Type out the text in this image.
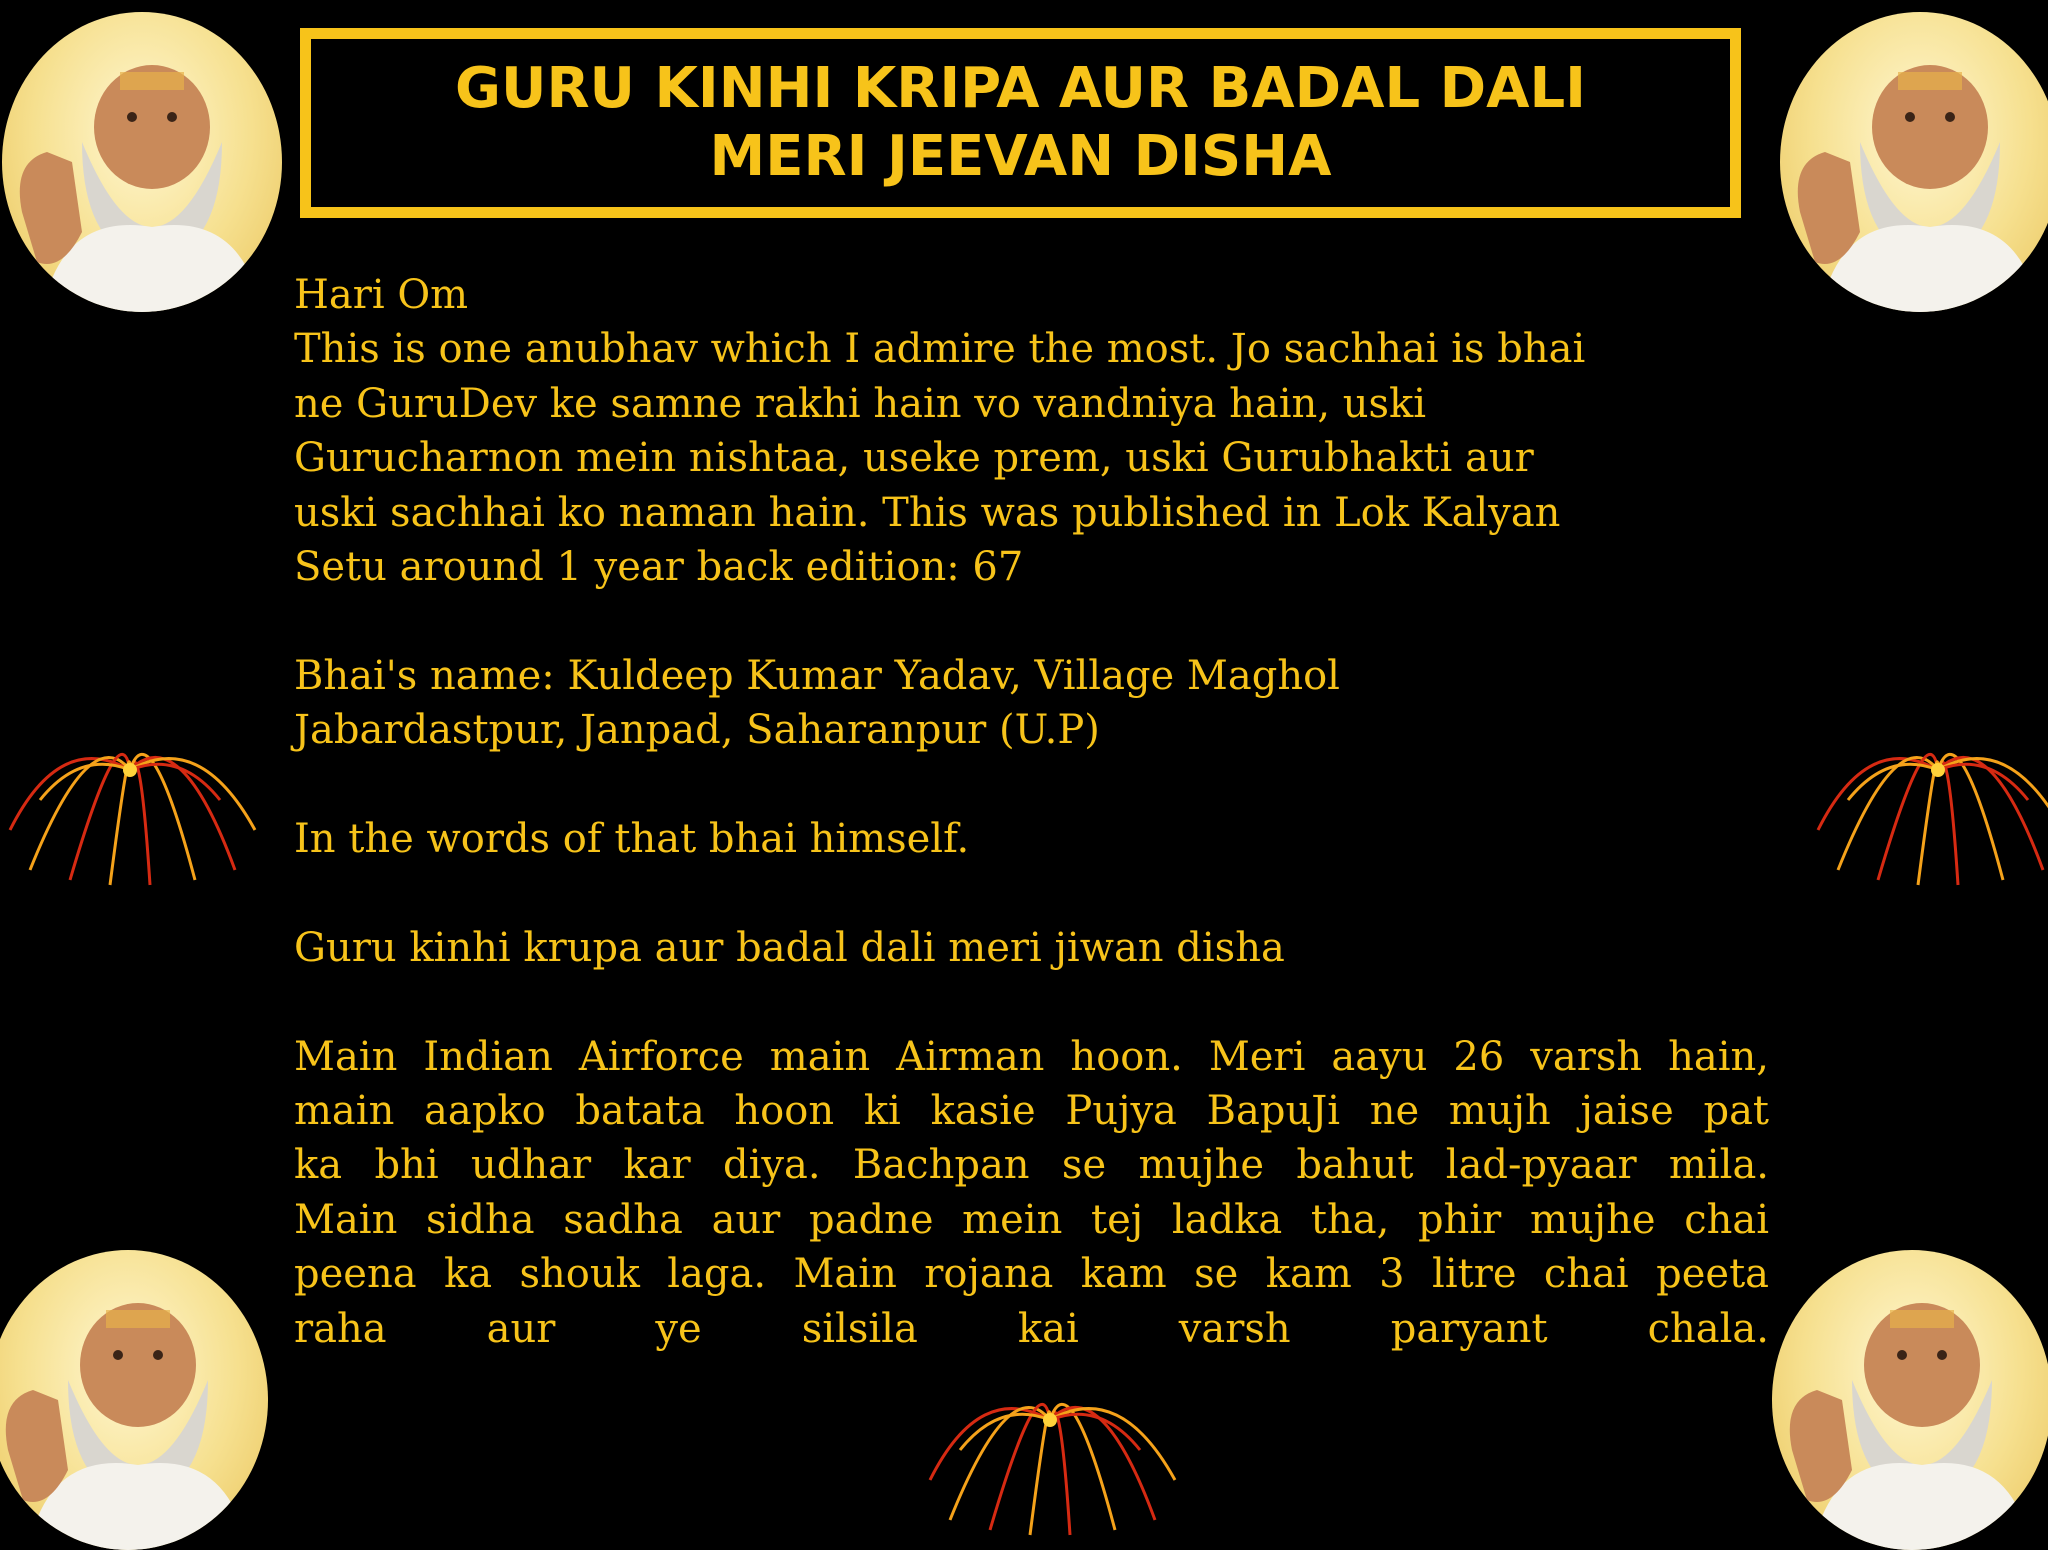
GURU KINHI KRIPA AUR BADAL DALI
MERI JEEVAN DISHA
Hari Om
This is one anubhav which I admire the most. Jo sachhai is bhai
ne GuruDev ke samne rakhi hain vo vandniya hain, uski
Gurucharnon mein nishtaa, useke prem, uski Gurubhakti aur
uski sachhai ko naman hain. This was published in Lok Kalyan
Setu around 1 year back edition: 67
Bhai's name: Kuldeep Kumar Yadav, Village Maghol
Jabardastpur, Janpad, Saharanpur (U.P)
In the words of that bhai himself.
Guru kinhi krupa aur badal dali meri jiwan disha

Main Indian Airforce main Airman hoon. Meri aayu 26 varsh hain,

main aapko batata hoon ki kasie Pujya BapuJi ne mujh jaise pat

ka bhi udhar kar diya. Bachpan se mujhe bahut lad-pyaar mila.

Main sidha sadha aur padne mein tej ladka tha, phir mujhe chai

peena ka shouk laga. Main rojana kam se kam 3 litre chai peeta

raha aur ye silsila kai varsh paryant chala.
